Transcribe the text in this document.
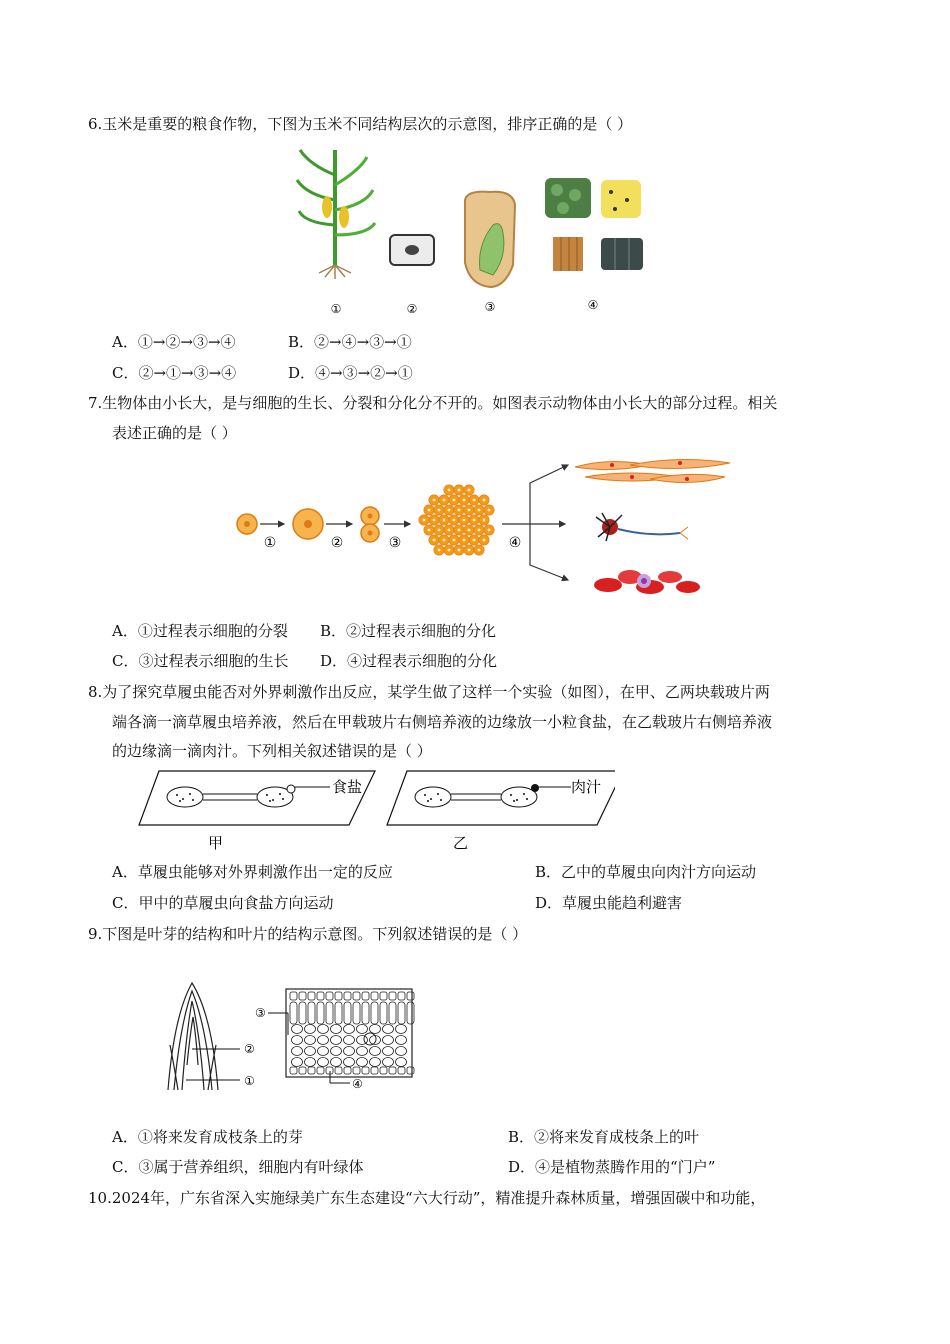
6.玉米是重要的粮食作物，下图为玉米不同结构层次的示意图，排序正确的是（ ）
①	②	③	④
A．①→②→③→④	B．②→④→③→①
C．②→①→③→④	D．④→③→②→①
7.生物体由小长大，是与细胞的生长、分裂和分化分不开的。如图表示动物体由小长大的部分过程。相关
表述正确的是（ ）
①	②	③	④
A．①过程表示细胞的分裂 B．②过程表示细胞的分化
C．③过程表示细胞的生长 D．④过程表示细胞的分化
8.为了探究草履虫能否对外界刺激作出反应，某学生做了这样一个实验（如图），在甲、乙两块载玻片两
端各滴一滴草履虫培养液，然后在甲载玻片右侧培养液的边缘放一小粒食盐，在乙载玻片右侧培养液
的边缘滴一滴肉汁。下列相关叙述错误的是（ ）
食盐
甲
肉汁
乙
A．草履虫能够对外界刺激作出一定的反应	B．乙中的草履虫向肉汁方向运动
C．甲中的草履虫向食盐方向运动	D．草履虫能趋利避害
9.下图是叶芽的结构和叶片的结构示意图。下列叙述错误的是（ ）
②
①
③
④
A．①将来发育成枝条上的芽	B．②将来发育成枝条上的叶
C．③属于营养组织，细胞内有叶绿体	D．④是植物蒸腾作用的“门户”
10.2024年，广东省深入实施绿美广东生态建设“六大行动”，精准提升森林质量，增强固碳中和功能，
